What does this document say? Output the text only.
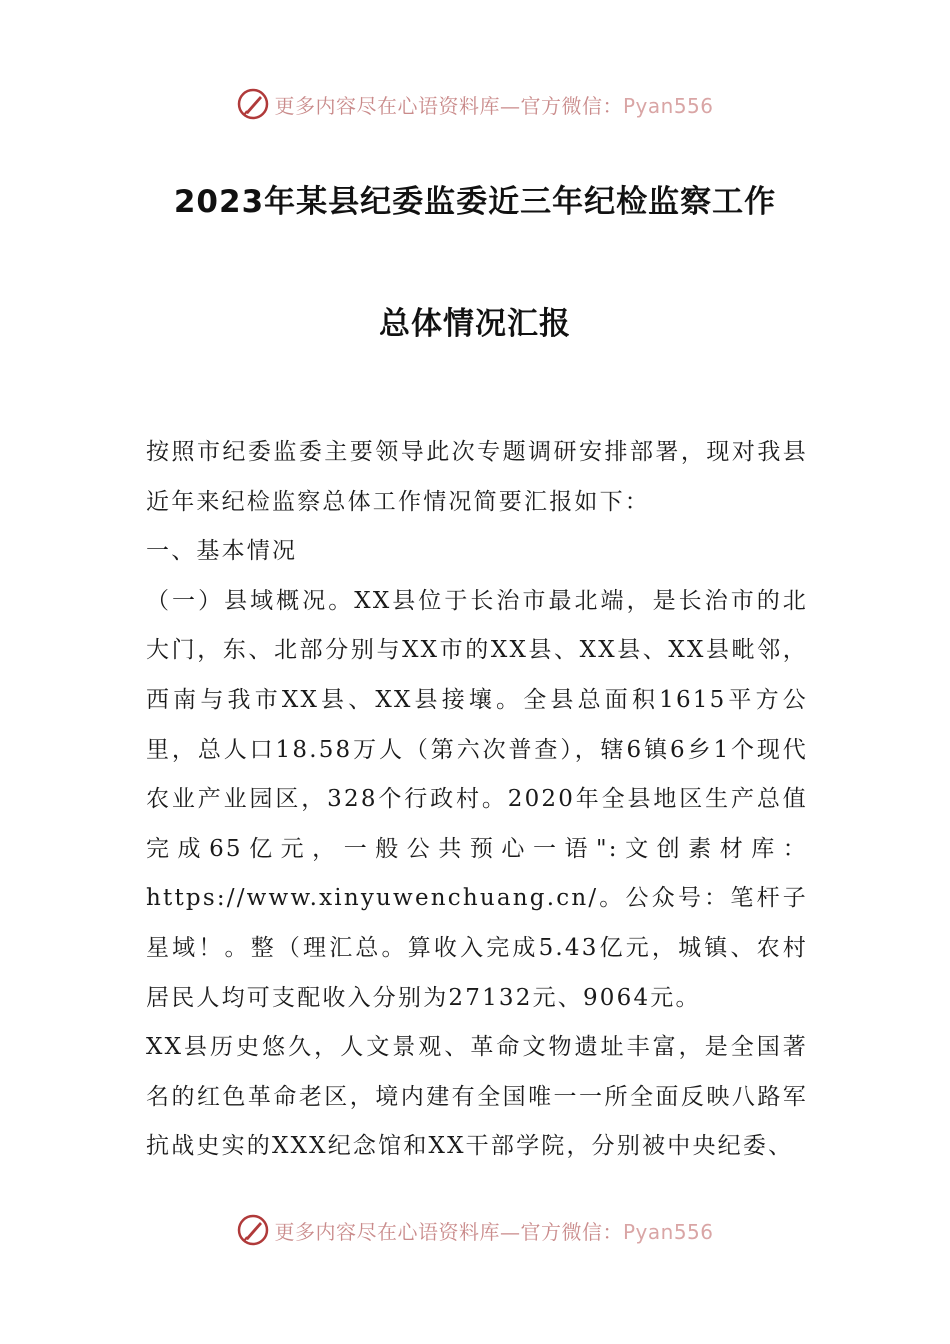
更多内容尽在心语资料库—官方微信：Pyan556
2023年某县纪委监委近三年纪检监察工作
总体情况汇报

按照市纪委监委主要领导此次专题调研安排部署，现对我县近年来纪检监察总体工作情况简要汇报如下：

一、基本情况

（一）县域概况。XX县位于长治市最北端，是长治市的北大门，东、北部分别与XX市的XX县、XX县、XX县毗邻，西南与我市XX县、XX县接壤。全县总面积1615平方公里，总人口18.58万人（第六次普查），辖6镇6乡1个现代农业产业园区，328个行政村。2020年全县地区生产总值完成65亿元，一般公共预心一语":文创素材库：https://www.xinyuwenchuang.cn/。公众号：笔杆子星域！。整（理汇总。算收入完成5.43亿元，城镇、农村居民人均可支配收入分别为27132元、9064元。

XX县历史悠久，人文景观、革命文物遗址丰富，是全国著名的红色革命老区，境内建有全国唯一一所全面反映八路军抗战史实的XXX纪念馆和XX干部学院，分别被中央纪委、

更多内容尽在心语资料库—官方微信：Pyan556
